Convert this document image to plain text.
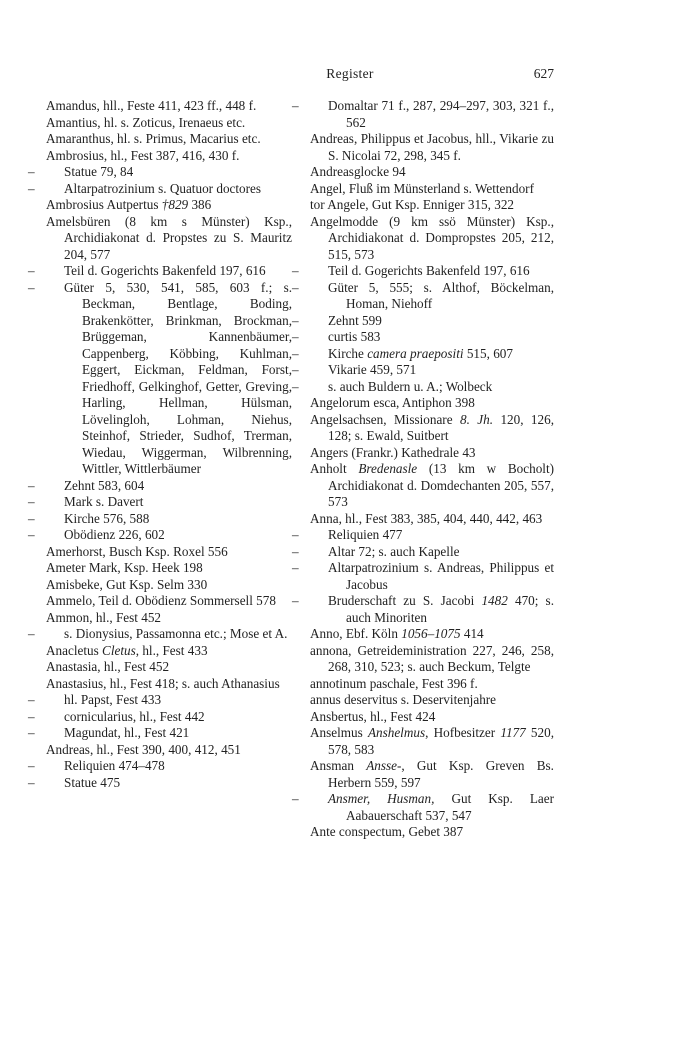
Register	627

Amandus, hll., Feste 411, 423 ff., 448 f.

Amantius, hl. s. Zoticus, Irenaeus etc.

Amaranthus, hl. s. Primus, Macarius etc.

Ambrosius, hl., Fest 387, 416, 430 f.

–	Statue 79, 84

–	Altarpatrozinium s. Quatuor doctores

Ambrosius Autpertus †829 386

Amelsbüren (8 km s Münster) Ksp., Archidiakonat d. Propstes zu S. Mauritz 204, 577

–	Teil d. Gogerichts Bakenfeld 197, 616

–	Güter 5, 530, 541, 585, 603 f.; s. Beckman, Bentlage, Boding, Brakenkötter, Brinkman, Brockman, Brüggeman, Kannenbäumer, Cappenberg, Köbbing, Kuhlman, Eggert, Eickman, Feldman, Forst, Friedhoff, Gelkinghof, Getter, Greving, Harling, Hellman, Hülsman, Lövelingloh, Lohman, Niehus, Steinhof, Strieder, Sudhof, Trerman, Wiedau, Wiggerman, Wilbrenning, Wittler, Wittlerbäumer

–	Zehnt 583, 604

–	Mark s. Davert

–	Kirche 576, 588

–	Obödienz 226, 602

Amerhorst, Busch Ksp. Roxel 556

Ameter Mark, Ksp. Heek 198

Amisbeke, Gut Ksp. Selm 330

Ammelo, Teil d. Obödienz Sommersell 578

Ammon, hl., Fest 452

–	s. Dionysius, Passamonna etc.; Mose et A.

Anacletus Cletus, hl., Fest 433

Anastasia, hl., Fest 452

Anastasius, hl., Fest 418; s. auch Athanasius

–	hl. Papst, Fest 433

–	cornicularius, hl., Fest 442

–	Magundat, hl., Fest 421

Andreas, hl., Fest 390, 400, 412, 451

–	Reliquien 474–478

–	Statue 475

–	Domaltar 71 f., 287, 294–297, 303, 321 f., 562

Andreas, Philippus et Jacobus, hll., Vikarie zu S. Nicolai 72, 298, 345 f.

Andreasglocke 94

Angel, Fluß im Münsterland s. Wettendorf

tor Angele, Gut Ksp. Enniger 315, 322

Angelmodde (9 km ssö Münster) Ksp., Archidiakonat d. Dompropstes 205, 212, 515, 573

–	Teil d. Gogerichts Bakenfeld 197, 616

–	Güter 5, 555; s. Althof, Böckelman, Homan, Niehoff

–	Zehnt 599

–	curtis 583

–	Kirche camera praepositi 515, 607

–	Vikarie 459, 571

–	s. auch Buldern u. A.; Wolbeck

Angelorum esca, Antiphon 398

Angelsachsen, Missionare 8. Jh. 120, 126, 128; s. Ewald, Suitbert

Angers (Frankr.) Kathedrale 43

Anholt Bredenasle (13 km w Bocholt) Archidiakonat d. Domdechanten 205, 557, 573

Anna, hl., Fest 383, 385, 404, 440, 442, 463

–	Reliquien 477

–	Altar 72; s. auch Kapelle

–	Altarpatrozinium s. Andreas, Philippus et Jacobus

–	Bruderschaft zu S. Jacobi 1482 470; s. auch Minoriten

Anno, Ebf. Köln 1056–1075 414

annona, Getreideministration 227, 246, 258, 268, 310, 523; s. auch Beckum, Telgte

annotinum paschale, Fest 396 f.

annus deservitus s. Deservitenjahre

Ansbertus, hl., Fest 424

Anselmus Anshelmus, Hofbesitzer 1177 520, 578, 583

Ansman Ansse-, Gut Ksp. Greven Bs. Herbern 559, 597

–	Ansmer, Husman, Gut Ksp. Laer Aabauerschaft 537, 547

Ante conspectum, Gebet 387
